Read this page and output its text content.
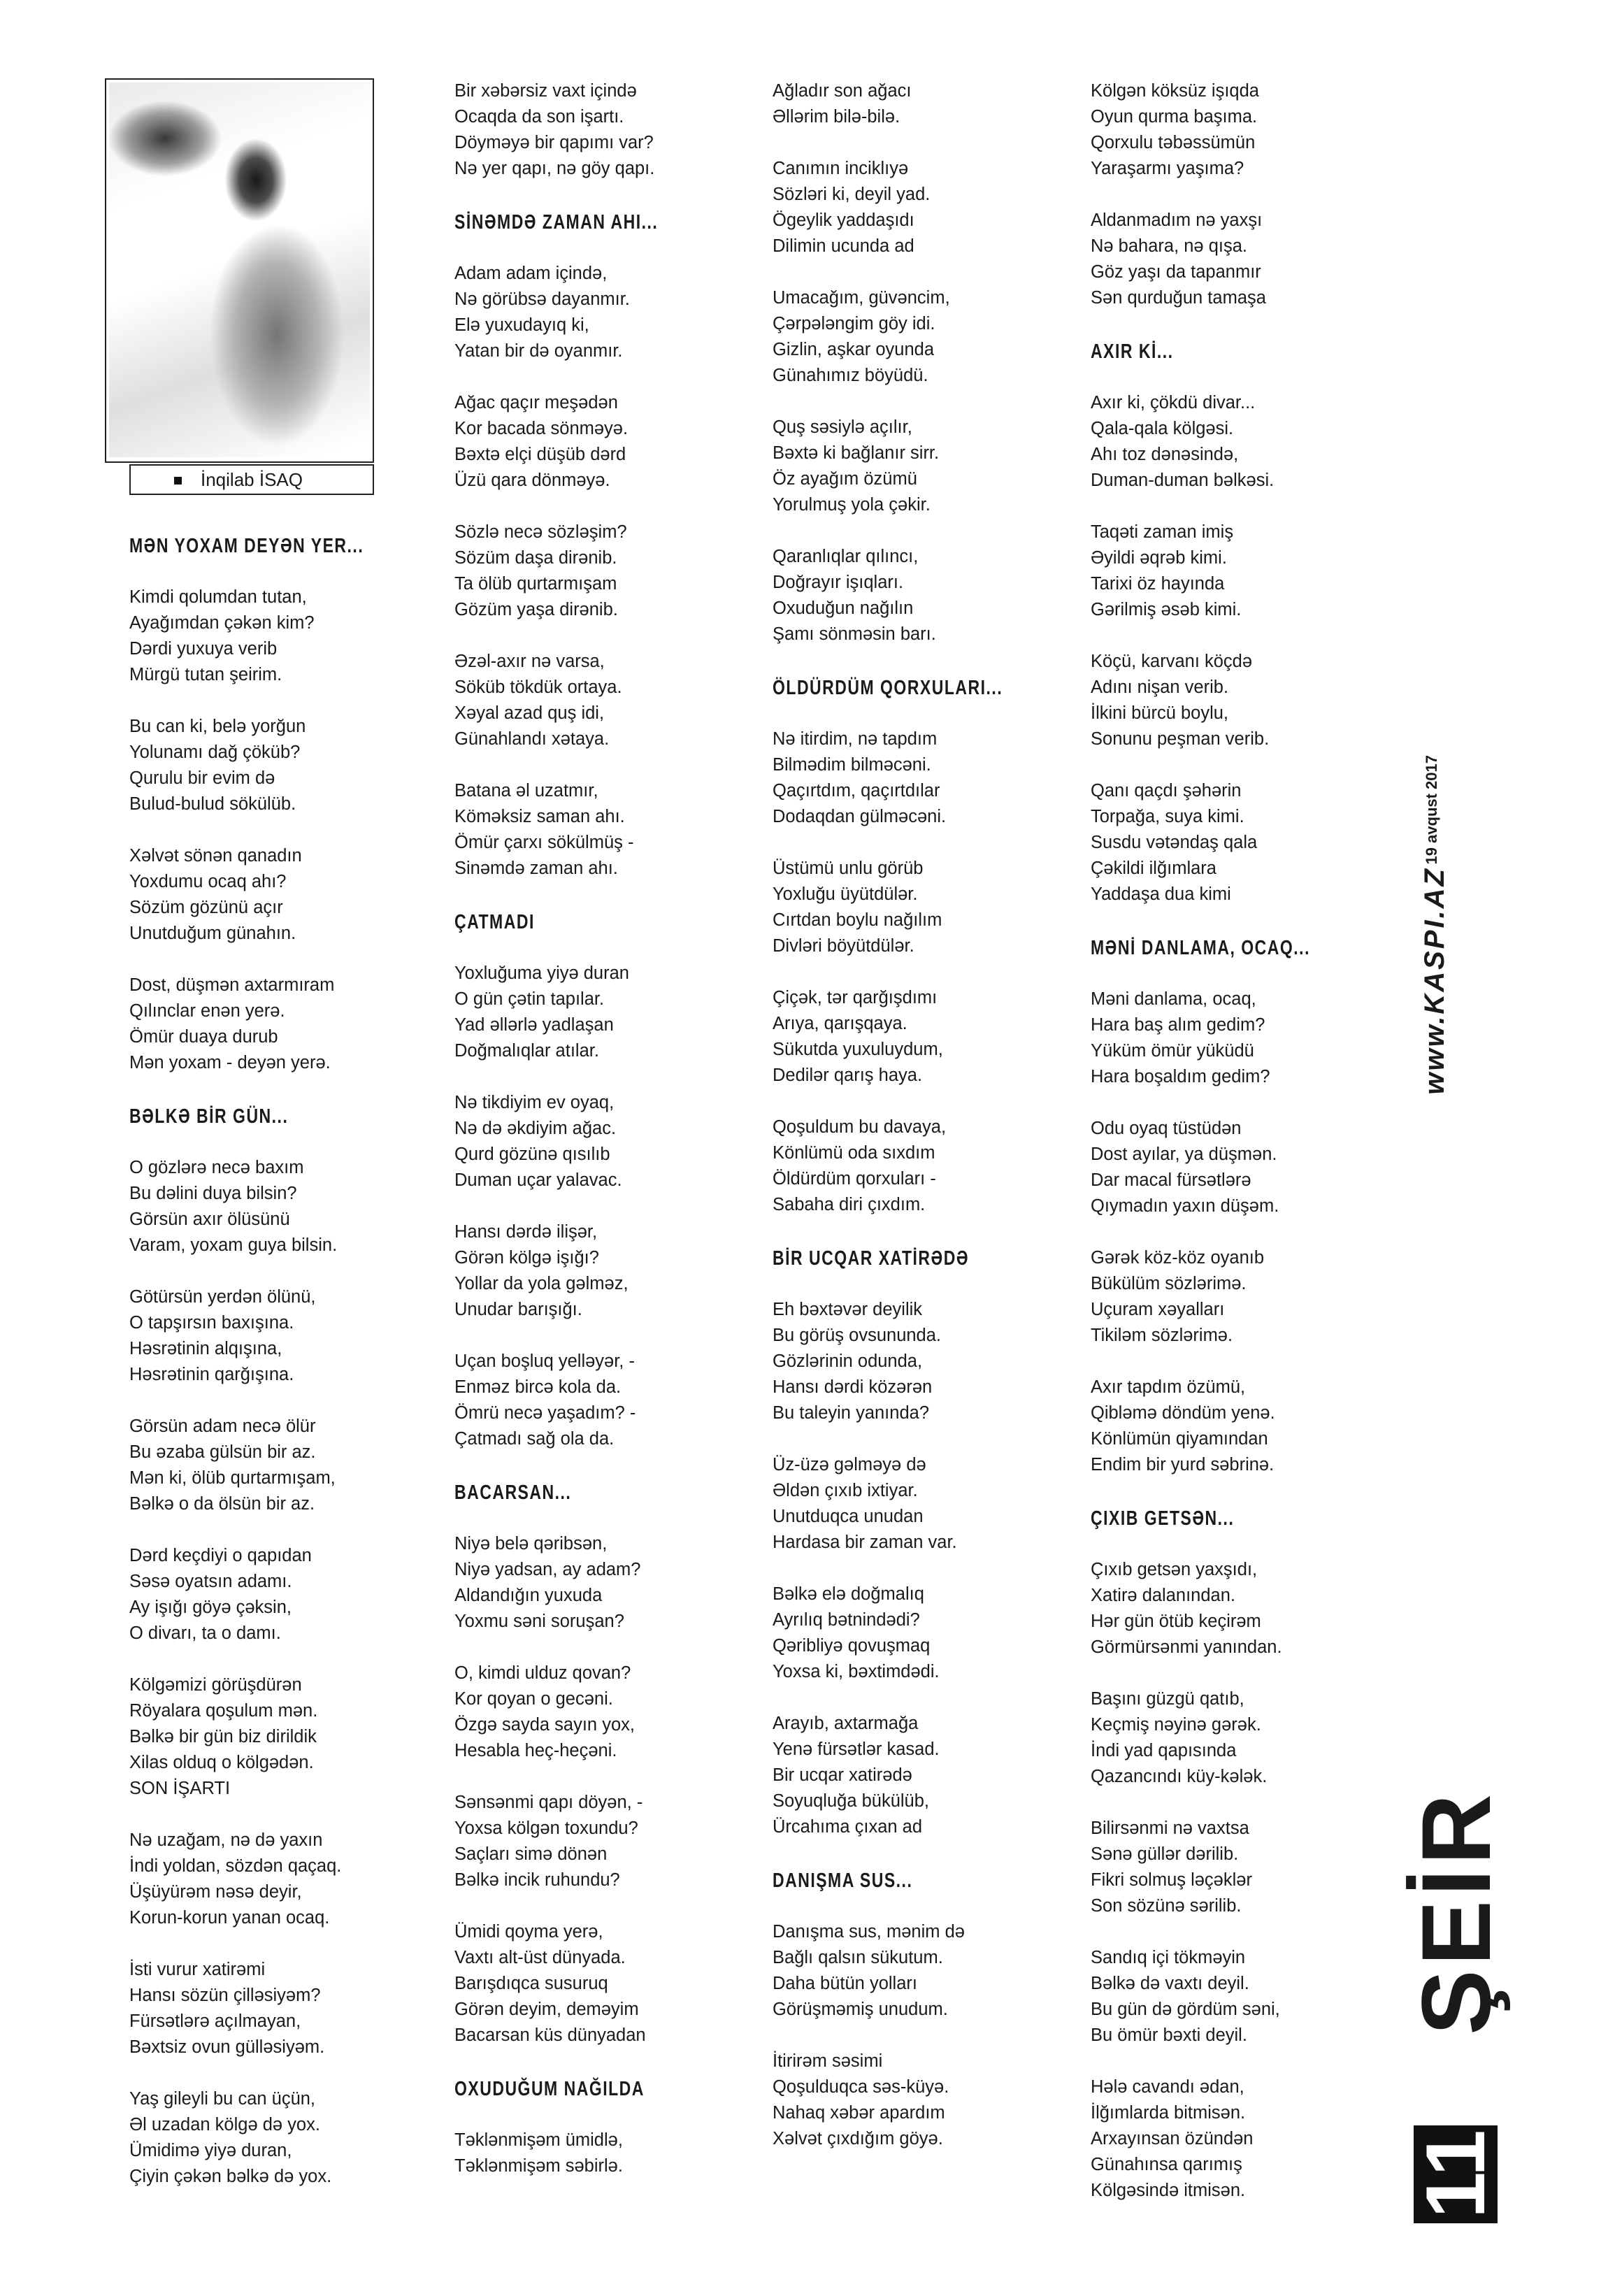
İnqilab İSAQ
MƏN YOXAM DEYƏN YER...
Kimdi qolumdan tutan,
Ayağımdan çəkən kim?
Dərdi yuxuya verib
Mürgü tutan şeirim.
Bu can ki, belə yorğun
Yolunamı dağ çöküb?
Qurulu bir evim də
Bulud-bulud sökülüb.
Xəlvət sönən qanadın
Yoxdumu ocaq ahı?
Sözüm gözünü açır
Unutduğum günahın.
Dost, düşmən axtarmıram
Qılınclar enən yerə.
Ömür duaya durub
Mən yoxam - deyən yerə.
BƏLKƏ BİR GÜN...
O gözlərə necə baxım
Bu dəlini duya bilsin?
Görsün axır ölüsünü
Varam, yoxam guya bilsin.
Götürsün yerdən ölünü,
O tapşırsın baxışına.
Həsrətinin alqışına,
Həsrətinin qarğışına.
Görsün adam necə ölür
Bu əzaba gülsün bir az.
Mən ki, ölüb qurtarmışam,
Bəlkə o da ölsün bir az.
Dərd keçdiyi o qapıdan
Səsə oyatsın adamı.
Ay işığı göyə çəksin,
O divarı, ta o damı.
Kölgəmizi görüşdürən
Röyalara qoşulum mən.
Bəlkə bir gün biz dirildik
Xilas olduq o kölgədən.
SON İŞARTI
Nə uzağam, nə də yaxın
İndi yoldan, sözdən qaçaq.
Üşüyürəm nəsə deyir,
Korun-korun yanan ocaq.
İsti vurur xatirəmi
Hansı sözün çilləsiyəm?
Fürsətlərə açılmayan,
Bəxtsiz ovun gülləsiyəm.
Yaş gileyli bu can üçün,
Əl uzadan kölgə də yox.
Ümidimə yiyə duran,
Çiyin çəkən bəlkə də yox.
Bir xəbərsiz vaxt içində
Ocaqda da son işartı.
Döyməyə bir qapımı var?
Nə yer qapı, nə göy qapı.
SİNƏMDƏ ZAMAN AHI...
Adam adam içində,
Nə görübsə dayanmır.
Elə yuxudayıq ki,
Yatan bir də oyanmır.
Ağac qaçır meşədən
Kor bacada sönməyə.
Bəxtə elçi düşüb dərd
Üzü qara dönməyə.
Sözlə necə sözləşim?
Sözüm daşa dirənib.
Ta ölüb qurtarmışam
Gözüm yaşa dirənib.
Əzəl-axır nə varsa,
Söküb tökdük ortaya.
Xəyal azad quş idi,
Günahlandı xətaya.
Batana əl uzatmır,
Köməksiz saman ahı.
Ömür çarxı sökülmüş -
Sinəmdə zaman ahı.
ÇATMADI
Yoxluğuma yiyə duran
O gün çətin tapılar.
Yad əllərlə yadlaşan
Doğmalıqlar atılar.
Nə tikdiyim ev oyaq,
Nə də əkdiyim ağac.
Qurd gözünə qısılıb
Duman uçar yalavac.
Hansı dərdə ilişər,
Görən kölgə işığı?
Yollar da yola gəlməz,
Unudar barışığı.
Uçan boşluq yelləyər, -
Enməz bircə kola da.
Ömrü necə yaşadım? -
Çatmadı sağ ola da.
BACARSAN...
Niyə belə qəribsən,
Niyə yadsan, ay adam?
Aldandığın yuxuda
Yoxmu səni soruşan?
O, kimdi ulduz qovan?
Kor qoyan o gecəni.
Özgə sayda sayın yox,
Hesabla heç-heçəni.
Sənsənmi qapı döyən, -
Yoxsa kölgən toxundu?
Saçları simə dönən
Bəlkə incik ruhundu?
Ümidi qoyma yerə,
Vaxtı alt-üst dünyada.
Barışdıqca susuruq
Görən deyim, deməyim
Bacarsan küs dünyadan
OXUDUĞUM NAĞILDA
Təklənmişəm ümidlə,
Təklənmişəm səbirlə.
Ağladır son ağacı
Əllərim bilə-bilə.
Canımın inciklıyə
Sözləri ki, deyil yad.
Ögeylik yaddaşıdı
Dilimin ucunda ad
Umacağım, güvəncim,
Çərpələngim göy idi.
Gizlin, aşkar oyunda
Günahımız böyüdü.
Quş səsiylə açılır,
Bəxtə ki bağlanır sirr.
Öz ayağım özümü
Yorulmuş yola çəkir.
Qaranlıqlar qılıncı,
Doğrayır işıqları.
Oxuduğun nağılın
Şamı sönməsin barı.
ÖLDÜRDÜM QORXULARI...
Nə itirdim, nə tapdım
Bilmədim bilməcəni.
Qaçırtdım, qaçırtdılar
Dodaqdan gülməcəni.
Üstümü unlu görüb
Yoxluğu üyütdülər.
Cırtdan boylu nağılım
Divləri böyütdülər.
Çiçək, tər qarğışdımı
Arıya, qarışqaya.
Sükutda yuxuluydum,
Dedilər qarış haya.
Qoşuldum bu davaya,
Könlümü oda sıxdım
Öldürdüm qorxuları -
Sabaha diri çıxdım.
BİR UCQAR XATİRƏDƏ
Eh bəxtəvər deyilik
Bu görüş ovsununda.
Gözlərinin odunda,
Hansı dərdi közərən
Bu taleyin yanında?
Üz-üzə gəlməyə də
Əldən çıxıb ixtiyar.
Unutduqca unudan
Hardasa bir zaman var.
Bəlkə elə doğmalıq
Ayrılıq bətnindədi?
Qəribliyə qovuşmaq
Yoxsa ki, bəxtimdədi.
Arayıb, axtarmağa
Yenə fürsətlər kasad.
Bir ucqar xatirədə
Soyuqluğa bükülüb,
Ürcahıma çıxan ad
DANIŞMA SUS...
Danışma sus, mənim də
Bağlı qalsın sükutum.
Daha bütün yolları
Görüşməmiş unudum.
İtirirəm səsimi
Qoşulduqca səs-küyə.
Nahaq xəbər apardım
Xəlvət çıxdığım göyə.
Kölgən köksüz işıqda
Oyun qurma başıma.
Qorxulu təbəssümün
Yaraşarmı yaşıma?
Aldanmadım nə yaxşı
Nə bahara, nə qışa.
Göz yaşı da tapanmır
Sən qurduğun tamaşa
AXIR Kİ...
Axır ki, çökdü divar...
Qala-qala kölgəsi.
Ahı toz dənəsində,
Duman-duman bəlkəsi.
Taqəti zaman imiş
Əyildi əqrəb kimi.
Tarixi öz hayında
Gərilmiş əsəb kimi.
Köçü, karvanı köçdə
Adını nişan verib.
İlkini bürcü boylu,
Sonunu peşman verib.
Qanı qaçdı şəhərin
Torpağa, suya kimi.
Susdu vətəndaş qala
Çəkildi ilğımlara
Yaddaşa dua kimi
MƏNİ DANLAMA, OCAQ...
Məni danlama, ocaq,
Hara baş alım gedim?
Yüküm ömür yüküdü
Hara boşaldım gedim?
Odu oyaq tüstüdən
Dost ayılar, ya düşmən.
Dar macal fürsətlərə
Qıymadın yaxın düşəm.
Gərək köz-köz oyanıb
Bükülüm sözlərimə.
Uçuram xəyalları
Tikiləm sözlərimə.
Axır tapdım özümü,
Qibləmə döndüm yenə.
Könlümün qiyamından
Endim bir yurd səbrinə.
ÇIXIB GETSƏN...
Çıxıb getsən yaxşıdı,
Xatirə dalanından.
Hər gün ötüb keçirəm
Görmürsənmi yanından.
Başını güzgü qatıb,
Keçmiş nəyinə gərək.
İndi yad qapısında
Qazancındı küy-kələk.
Bilirsənmi nə vaxtsa
Sənə güllər dərilib.
Fikri solmuş ləçəklər
Son sözünə sərilib.
Sandıq içi tökməyin
Bəlkə də vaxtı deyil.
Bu gün də gördüm səni,
Bu ömür bəxti deyil.
Hələ cavandı ədan,
İlğımlarda bitmisən.
Arxayınsan özündən
Günahınsa qarımış
Kölgəsində itmisən.
19 avqust 2017
www.KASPI.AZ
ŞEİR
11
